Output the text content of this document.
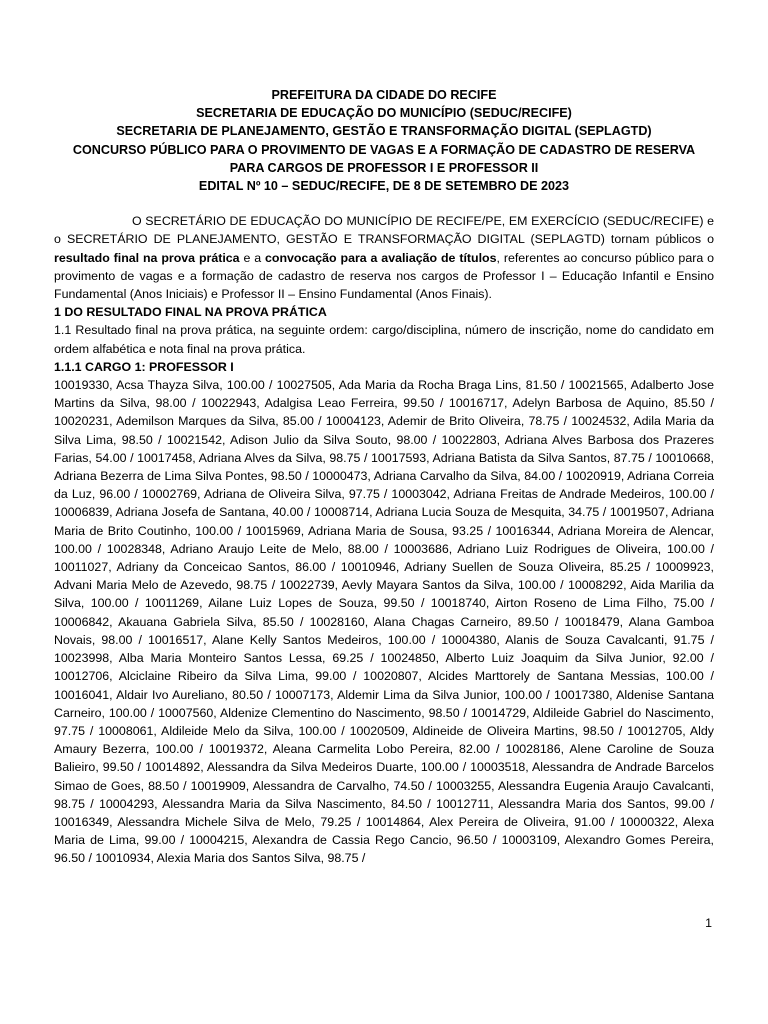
PREFEITURA DA CIDADE DO RECIFE
SECRETARIA DE EDUCAÇÃO DO MUNICÍPIO (SEDUC/RECIFE)
SECRETARIA DE PLANEJAMENTO, GESTÃO E TRANSFORMAÇÃO DIGITAL (SEPLAGTD)
CONCURSO PÚBLICO PARA O PROVIMENTO DE VAGAS E A FORMAÇÃO DE CADASTRO DE RESERVA
PARA CARGOS DE PROFESSOR I E PROFESSOR II
EDITAL Nº 10 – SEDUC/RECIFE, DE 8 DE SETEMBRO DE 2023
O SECRETÁRIO DE EDUCAÇÃO DO MUNICÍPIO DE RECIFE/PE, EM EXERCÍCIO (SEDUC/RECIFE) e o SECRETÁRIO DE PLANEJAMENTO, GESTÃO E TRANSFORMAÇÃO DIGITAL (SEPLAGTD) tornam públicos o resultado final na prova prática e a convocação para a avaliação de títulos, referentes ao concurso público para o provimento de vagas e a formação de cadastro de reserva nos cargos de Professor I – Educação Infantil e Ensino Fundamental (Anos Iniciais) e Professor II – Ensino Fundamental (Anos Finais).
1 DO RESULTADO FINAL NA PROVA PRÁTICA
1.1 Resultado final na prova prática, na seguinte ordem: cargo/disciplina, número de inscrição, nome do candidato em ordem alfabética e nota final na prova prática.
1.1.1 CARGO 1: PROFESSOR I
10019330, Acsa Thayza Silva, 100.00 / 10027505, Ada Maria da Rocha Braga Lins, 81.50 / 10021565, Adalberto Jose Martins da Silva, 98.00 / 10022943, Adalgisa Leao Ferreira, 99.50 / 10016717, Adelyn Barbosa de Aquino, 85.50 / 10020231, Ademilson Marques da Silva, 85.00 / 10004123, Ademir de Brito Oliveira, 78.75 / 10024532, Adila Maria da Silva Lima, 98.50 / 10021542, Adison Julio da Silva Souto, 98.00 / 10022803, Adriana Alves Barbosa dos Prazeres Farias, 54.00 / 10017458, Adriana Alves da Silva, 98.75 / 10017593, Adriana Batista da Silva Santos, 87.75 / 10010668, Adriana Bezerra de Lima Silva Pontes, 98.50 / 10000473, Adriana Carvalho da Silva, 84.00 / 10020919, Adriana Correia da Luz, 96.00 / 10002769, Adriana de Oliveira Silva, 97.75 / 10003042, Adriana Freitas de Andrade Medeiros, 100.00 / 10006839, Adriana Josefa de Santana, 40.00 / 10008714, Adriana Lucia Souza de Mesquita, 34.75 / 10019507, Adriana Maria de Brito Coutinho, 100.00 / 10015969, Adriana Maria de Sousa, 93.25 / 10016344, Adriana Moreira de Alencar, 100.00 / 10028348, Adriano Araujo Leite de Melo, 88.00 / 10003686, Adriano Luiz Rodrigues de Oliveira, 100.00 / 10011027, Adriany da Conceicao Santos, 86.00 / 10010946, Adriany Suellen de Souza Oliveira, 85.25 / 10009923, Advani Maria Melo de Azevedo, 98.75 / 10022739, Aevly Mayara Santos da Silva, 100.00 / 10008292, Aida Marilia da Silva, 100.00 / 10011269, Ailane Luiz Lopes de Souza, 99.50 / 10018740, Airton Roseno de Lima Filho, 75.00 / 10006842, Akauana Gabriela Silva, 85.50 / 10028160, Alana Chagas Carneiro, 89.50 / 10018479, Alana Gamboa Novais, 98.00 / 10016517, Alane Kelly Santos Medeiros, 100.00 / 10004380, Alanis de Souza Cavalcanti, 91.75 / 10023998, Alba Maria Monteiro Santos Lessa, 69.25 / 10024850, Alberto Luiz Joaquim da Silva Junior, 92.00 / 10012706, Alciclaine Ribeiro da Silva Lima, 99.00 / 10020807, Alcides Marttorely de Santana Messias, 100.00 / 10016041, Aldair Ivo Aureliano, 80.50 / 10007173, Aldemir Lima da Silva Junior, 100.00 / 10017380, Aldenise Santana Carneiro, 100.00 / 10007560, Aldenize Clementino do Nascimento, 98.50 / 10014729, Aldileide Gabriel do Nascimento, 97.75 / 10008061, Aldileide Melo da Silva, 100.00 / 10020509, Aldineide de Oliveira Martins, 98.50 / 10012705, Aldy Amaury Bezerra, 100.00 / 10019372, Aleana Carmelita Lobo Pereira, 82.00 / 10028186, Alene Caroline de Souza Balieiro, 99.50 / 10014892, Alessandra da Silva Medeiros Duarte, 100.00 / 10003518, Alessandra de Andrade Barcelos Simao de Goes, 88.50 / 10019909, Alessandra de Carvalho, 74.50 / 10003255, Alessandra Eugenia Araujo Cavalcanti, 98.75 / 10004293, Alessandra Maria da Silva Nascimento, 84.50 / 10012711, Alessandra Maria dos Santos, 99.00 / 10016349, Alessandra Michele Silva de Melo, 79.25 / 10014864, Alex Pereira de Oliveira, 91.00 / 10000322, Alexa Maria de Lima, 99.00 / 10004215, Alexandra de Cassia Rego Cancio, 96.50 / 10003109, Alexandro Gomes Pereira, 96.50 / 10010934, Alexia Maria dos Santos Silva, 98.75 /
1
